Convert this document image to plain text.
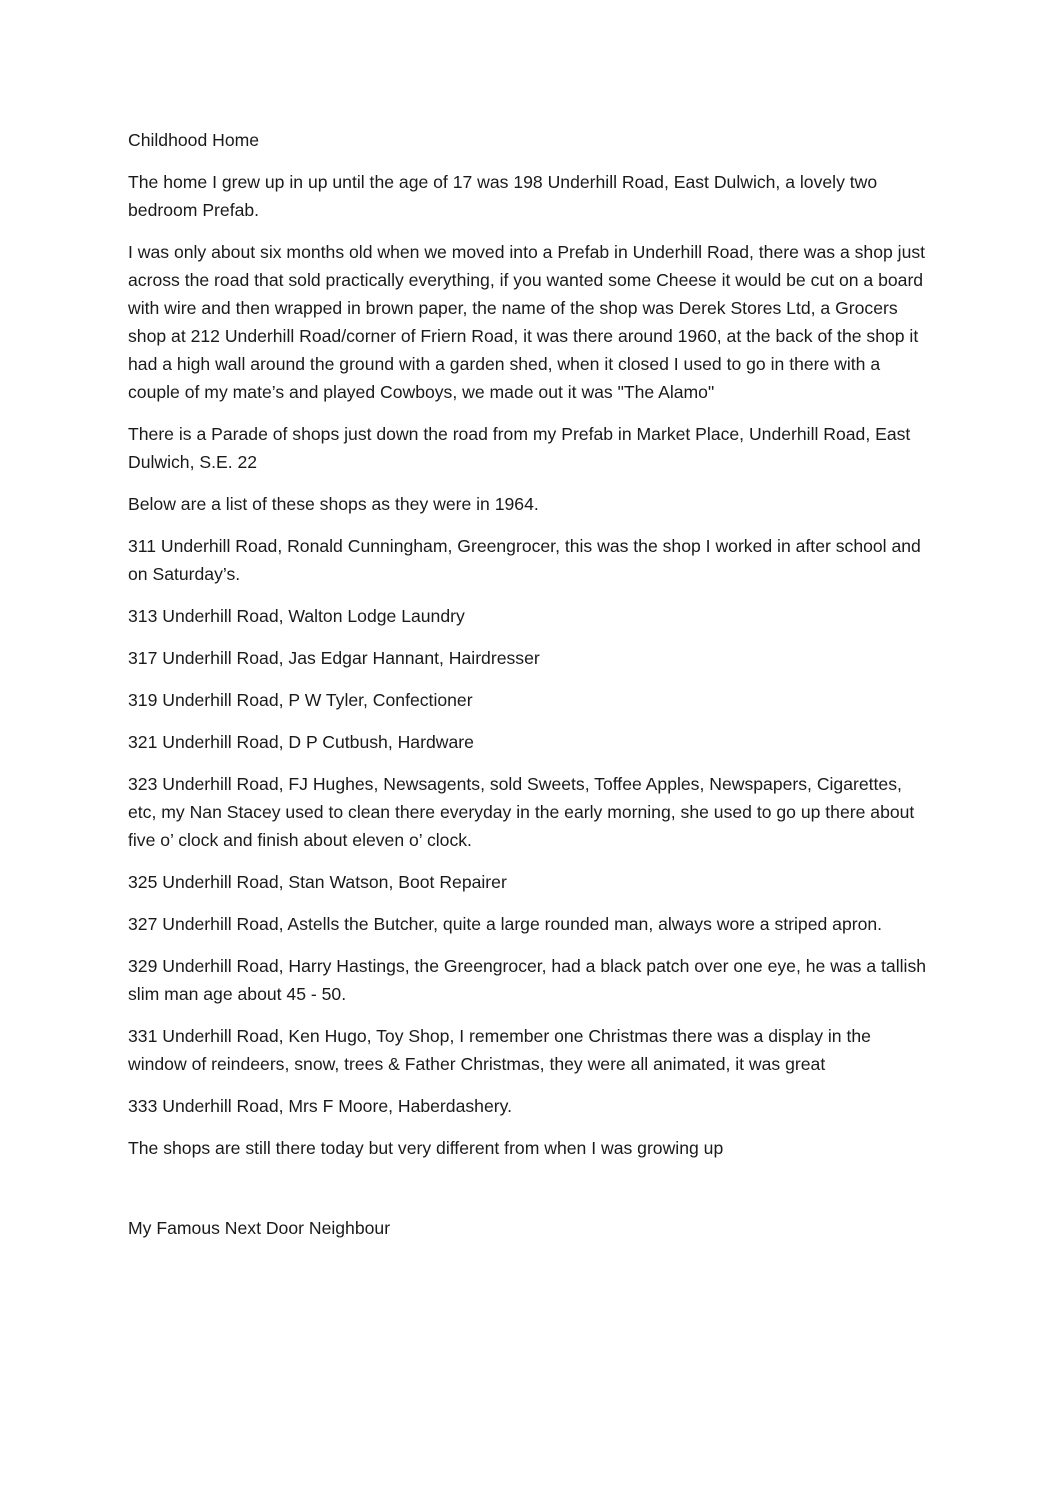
Childhood Home

The home I grew up in up until the age of 17 was 198 Underhill Road, East Dulwich, a lovely two bedroom Prefab.

I was only about six months old when we moved into a Prefab in Underhill Road, there was a shop just across the road that sold practically everything, if you wanted some Cheese it would be cut on a board with wire and then wrapped in brown paper, the name of the shop was Derek Stores Ltd, a Grocers shop at 212 Underhill Road/corner of Friern Road, it was there around 1960, at the back of the shop it had a high wall around the ground with a garden shed, when it closed I used to go in there with a couple of my mate’s and played Cowboys, we made out it was "The Alamo"

There is a Parade of shops just down the road from my Prefab in Market Place, Underhill Road, East Dulwich, S.E. 22

Below are a list of these shops as they were in 1964.

311 Underhill Road, Ronald Cunningham, Greengrocer, this was the shop I worked in after school and on Saturday’s.

313 Underhill Road, Walton Lodge Laundry

317 Underhill Road, Jas Edgar Hannant, Hairdresser

319 Underhill Road, P W Tyler, Confectioner

321 Underhill Road, D P Cutbush, Hardware

323 Underhill Road, FJ Hughes, Newsagents, sold Sweets, Toffee Apples, Newspapers, Cigarettes, etc, my Nan Stacey used to clean there everyday in the early morning, she used to go up there about five o’ clock and finish about eleven o’ clock.

325 Underhill Road, Stan Watson, Boot Repairer

327 Underhill Road, Astells the Butcher, quite a large rounded man, always wore a striped apron.

329 Underhill Road, Harry Hastings, the Greengrocer, had a black patch over one eye, he was a tallish slim man age about 45 - 50.

331 Underhill Road, Ken Hugo, Toy Shop, I remember one Christmas there was a display in the window of reindeers, snow, trees & Father Christmas, they were all animated, it was great

333 Underhill Road, Mrs F Moore, Haberdashery.

The shops are still there today but very different from when I was growing up

My Famous Next Door Neighbour
